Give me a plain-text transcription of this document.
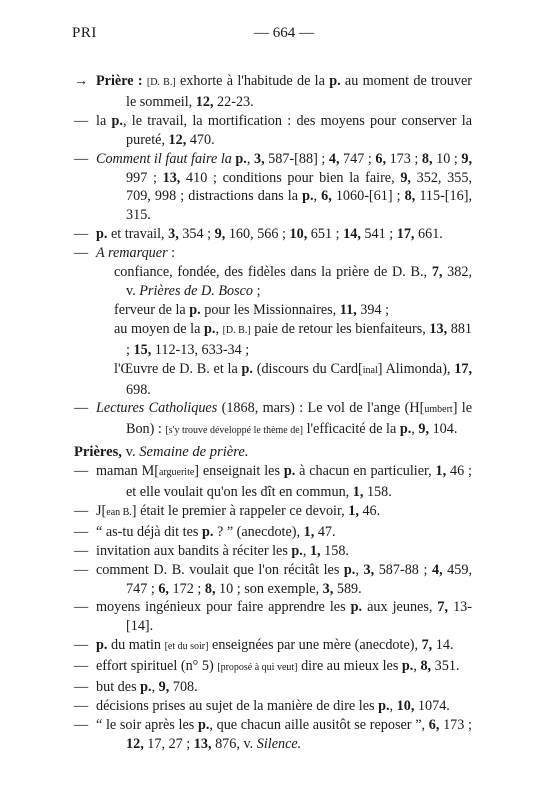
PRI	— 664 —

→ Prière : [D. B.] exhorte à l'habitude de la p. au moment de trouver le sommeil, 12, 22-23.

— la p., le travail, la mortification : des moyens pour conserver la pureté, 12, 470.

— Comment il faut faire la p., 3, 587-[88] ; 4, 747 ; 6, 173 ; 8, 10 ; 9, 997 ; 13, 410 ; conditions pour bien la faire, 9, 352, 355, 709, 998 ; distractions dans la p., 6, 1060-[61] ; 8, 115-[16], 315.

— p. et travail, 3, 354 ; 9, 160, 566 ; 10, 651 ; 14, 541 ; 17, 661.

— A remarquer :

confiance, fondée, des fidèles dans la prière de D. B., 7, 382, v. Prières de D. Bosco ;

ferveur de la p. pour les Missionnaires, 11, 394 ;

au moyen de la p., [D. B.] paie de retour les bienfaiteurs, 13, 881 ; 15, 112-13, 633-34 ;

l'Œuvre de D. B. et la p. (discours du Card[inal] Alimonda), 17, 698.

— Lectures Catholiques (1868, mars) : Le vol de l'ange (H[umbert] le Bon) : [s'y trouve développé le thème de] l'efficacité de la p., 9, 104.

Prières, v. Semaine de prière.

— maman M[arguerite] enseignait les p. à chacun en particulier, 1, 46 ; et elle voulait qu'on les dît en commun, 1, 158.

— J[ean B.] était le premier à rappeler ce devoir, 1, 46.

— “ as-tu déjà dit tes p. ? ” (anecdote), 1, 47.

— invitation aux bandits à réciter les p., 1, 158.

— comment D. B. voulait que l'on récitât les p., 3, 587-88 ; 4, 459, 747 ; 6, 172 ; 8, 10 ; son exemple, 3, 589.

— moyens ingénieux pour faire apprendre les p. aux jeunes, 7, 13-[14].

— p. du matin [et du soir] enseignées par une mère (anecdote), 7, 14.

— effort spirituel (n° 5) [proposé à qui veut] dire au mieux les p., 8, 351.

— but des p., 9, 708.

— décisions prises au sujet de la manière de dire les p., 10, 1074.

— “ le soir après les p., que chacun aille ausitôt se reposer ”, 6, 173 ; 12, 17, 27 ; 13, 876, v. Silence.
